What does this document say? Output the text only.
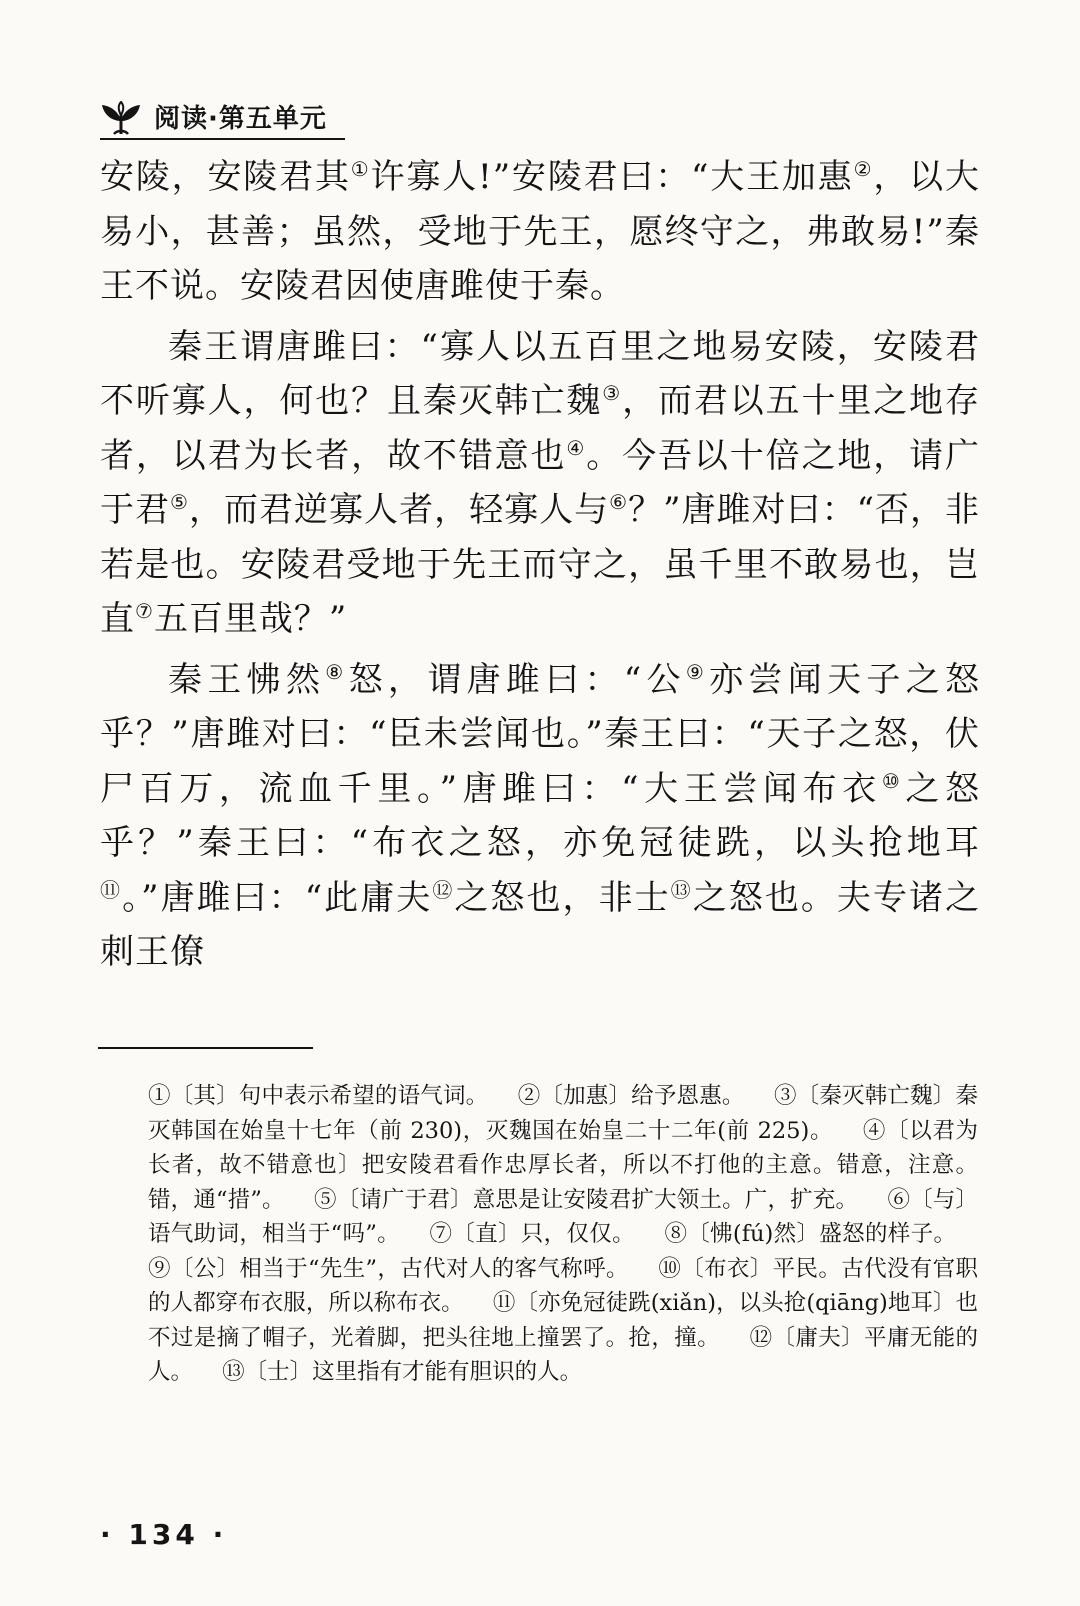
阅读·第五单元

安陵，安陵君其①许寡人!”安陵君曰：“大王加惠②，以大易小，甚善；虽然，受地于先王，愿终守之，弗敢易!”秦王不说。安陵君因使唐雎使于秦。

秦王谓唐雎曰：“寡人以五百里之地易安陵，安陵君不听寡人，何也？且秦灭韩亡魏③，而君以五十里之地存者，以君为长者，故不错意也④。今吾以十倍之地，请广于君⑤，而君逆寡人者，轻寡人与⑥？”唐雎对曰：“否，非若是也。安陵君受地于先王而守之，虽千里不敢易也，岂直⑦五百里哉？”

秦王怫然⑧怒，谓唐雎曰：“公⑨亦尝闻天子之怒乎？”唐雎对曰：“臣未尝闻也。”秦王曰：“天子之怒，伏尸百万，流血千里。”唐雎曰：“大王尝闻布衣⑩之怒乎？”秦王曰：“布衣之怒，亦免冠徒跣，以头抢地耳⑪。”唐雎曰：“此庸夫⑫之怒也，非士⑬之怒也。夫专诸之刺王僚

①〔其〕句中表示希望的语气词。 ②〔加惠〕给予恩惠。 ③〔秦灭韩亡魏〕秦灭韩国在始皇十七年（前 230)，灭魏国在始皇二十二年(前 225)。 ④〔以君为长者，故不错意也〕把安陵君看作忠厚长者，所以不打他的主意。错意，注意。错，通“措”。 ⑤〔请广于君〕意思是让安陵君扩大领土。广，扩充。 ⑥〔与〕语气助词，相当于“吗”。 ⑦〔直〕只，仅仅。 ⑧〔怫(fú)然〕盛怒的样子。 ⑨〔公〕相当于“先生”，古代对人的客气称呼。 ⑩〔布衣〕平民。古代没有官职的人都穿布衣服，所以称布衣。 ⑪〔亦免冠徒跣(xiǎn)，以头抢(qiāng)地耳〕也不过是摘了帽子，光着脚，把头往地上撞罢了。抢，撞。 ⑫〔庸夫〕平庸无能的人。 ⑬〔士〕这里指有才能有胆识的人。
· 134 ·
